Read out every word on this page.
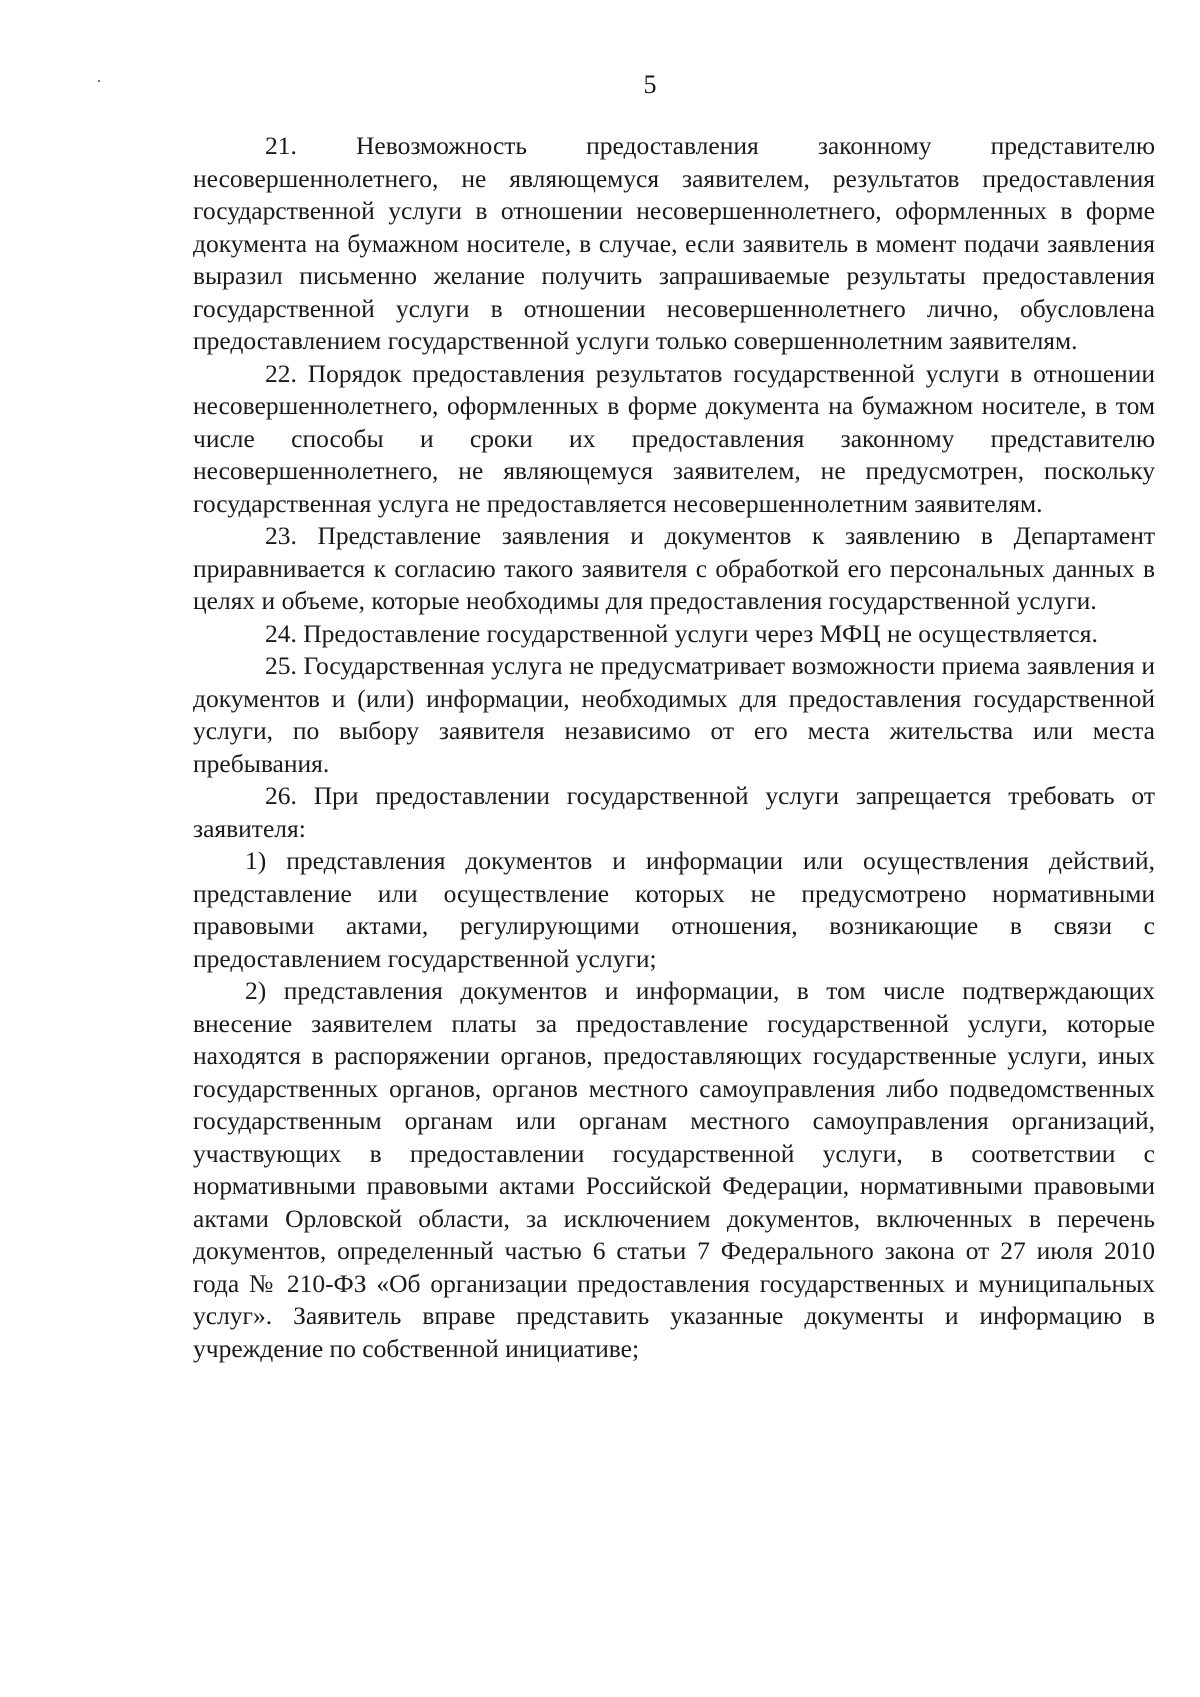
5

21. Невозможность предоставления законному представителю несовершеннолетнего, не являющемуся заявителем, результатов предоставления государственной услуги в отношении несовершеннолетнего, оформленных в форме документа на бумажном носителе, в случае, если заявитель в момент подачи заявления выразил письменно желание получить запрашиваемые результаты предоставления государственной услуги в отношении несовершеннолетнего лично, обусловлена предоставлением государственной услуги только совершеннолетним заявителям.

22. Порядок предоставления результатов государственной услуги в отношении несовершеннолетнего, оформленных в форме документа на бумажном носителе, в том числе способы и сроки их предоставления законному представителю несовершеннолетнего, не являющемуся заявителем, не предусмотрен, поскольку государственная услуга не предоставляется несовершеннолетним заявителям.

23. Представление заявления и документов к заявлению в Департамент приравнивается к согласию такого заявителя с обработкой его персональных данных в целях и объеме, которые необходимы для предоставления государственной услуги.

24. Предоставление государственной услуги через МФЦ не осуществляется.

25. Государственная услуга не предусматривает возможности приема заявления и документов и (или) информации, необходимых для предоставления государственной услуги, по выбору заявителя независимо от его места жительства или места пребывания.

26. При предоставлении государственной услуги запрещается требовать от заявителя:

1) представления документов и информации или осуществления действий, представление или осуществление которых не предусмотрено нормативными правовыми актами, регулирующими отношения, возникающие в связи с предоставлением государственной услуги;

2) представления документов и информации, в том числе подтверждающих внесение заявителем платы за предоставление государственной услуги, которые находятся в распоряжении органов, предоставляющих государственные услуги, иных государственных органов, органов местного самоуправления либо подведомственных государственным органам или органам местного самоуправления организаций, участвующих в предоставлении государственной услуги, в соответствии с нормативными правовыми актами Российской Федерации, нормативными правовыми актами Орловской области, за исключением документов, включенных в перечень документов, определенный частью 6 статьи 7 Федерального закона от 27 июля 2010 года № 210-ФЗ «Об организации предоставления государственных и муниципальных услуг». Заявитель вправе представить указанные документы и информацию в учреждение по собственной инициативе;
